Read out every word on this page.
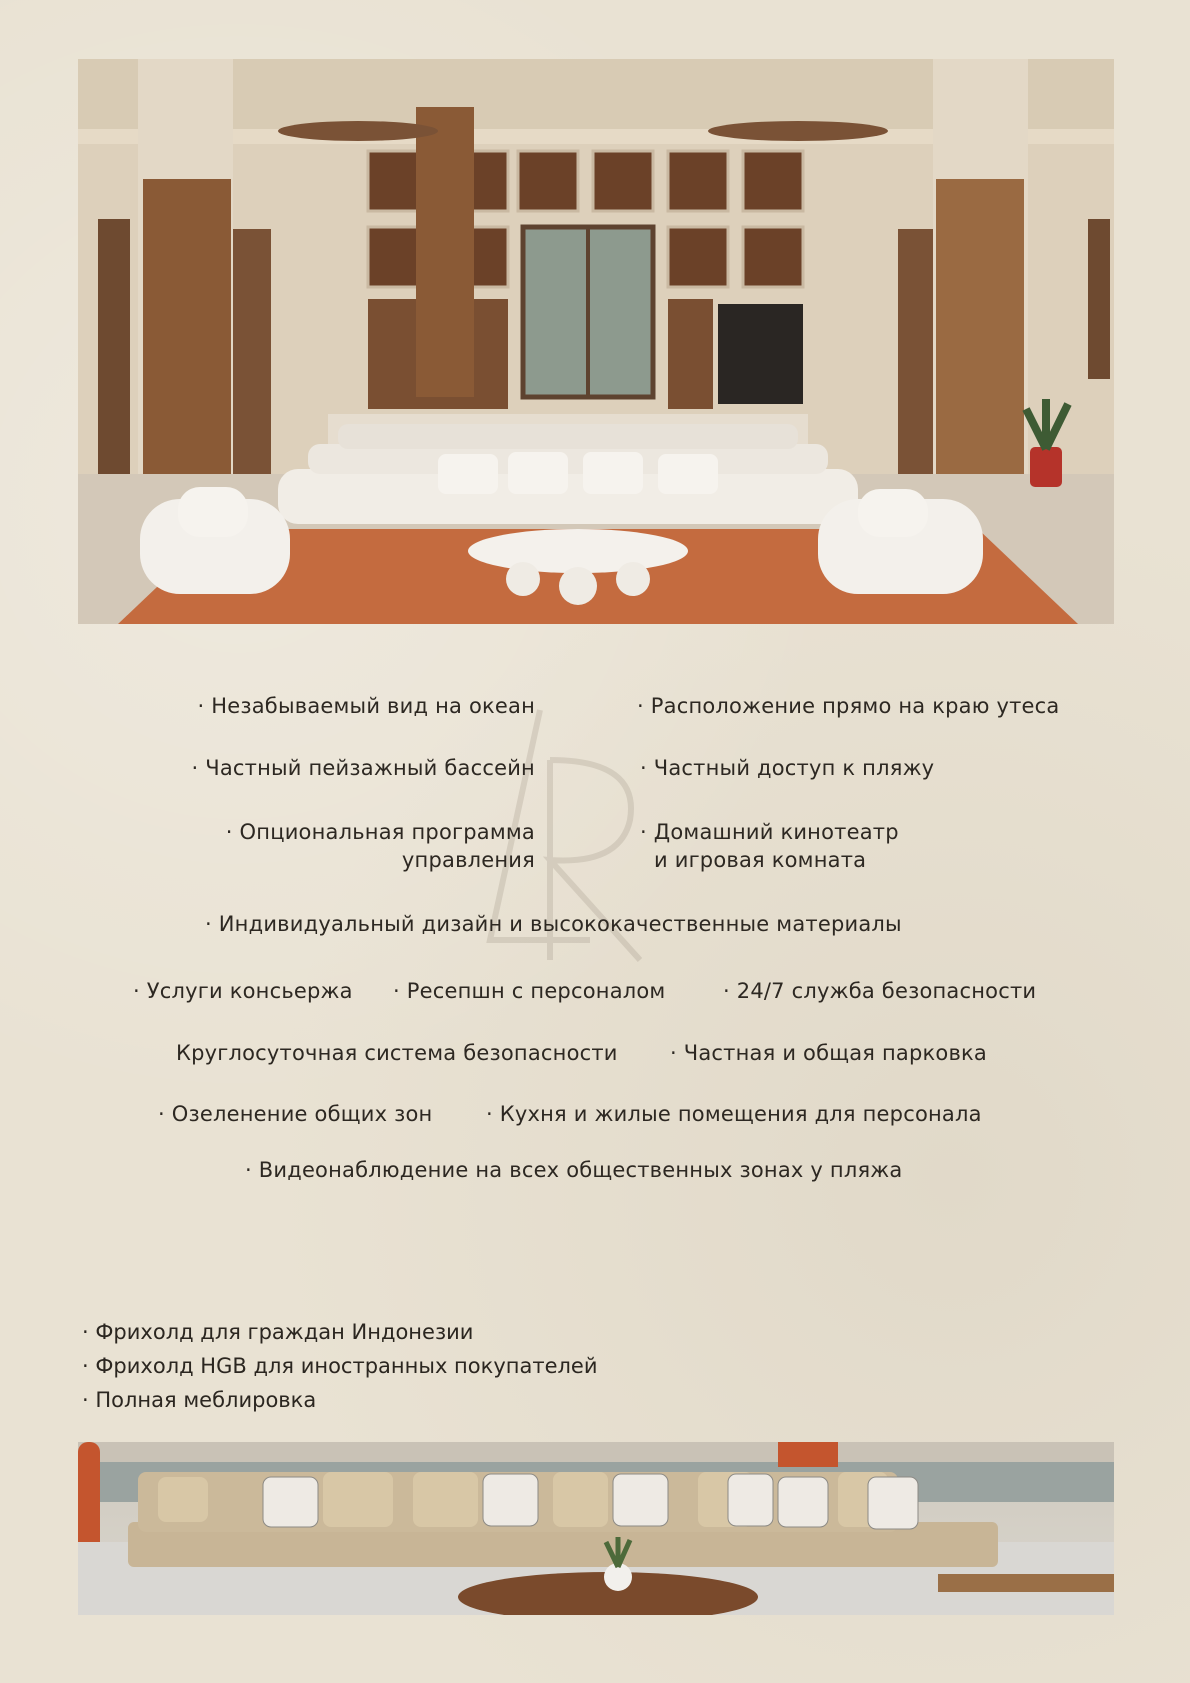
· Незабываемый вид на океан	· Расположение прямо на краю утеса
· Частный пейзажный бассейн	· Частный доступ к пляжу
· Опциональная программа
управления
· Домашний кинотеатр
и игровая комната
· Индивидуальный дизайн и высококачественные материалы
· Услуги консьержа	· Ресепшн с персоналом	· 24/7 служба безопасности
Круглосуточная система безопасности	· Частная и общая парковка
· Озеленение общих зон	· Кухня и жилые помещения для персонала
· Видеонаблюдение на всех общественных зонах у пляжа
· Фрихолд для граждан Индонезии
· Фрихолд HGB для иностранных покупателей
· Полная меблировка
